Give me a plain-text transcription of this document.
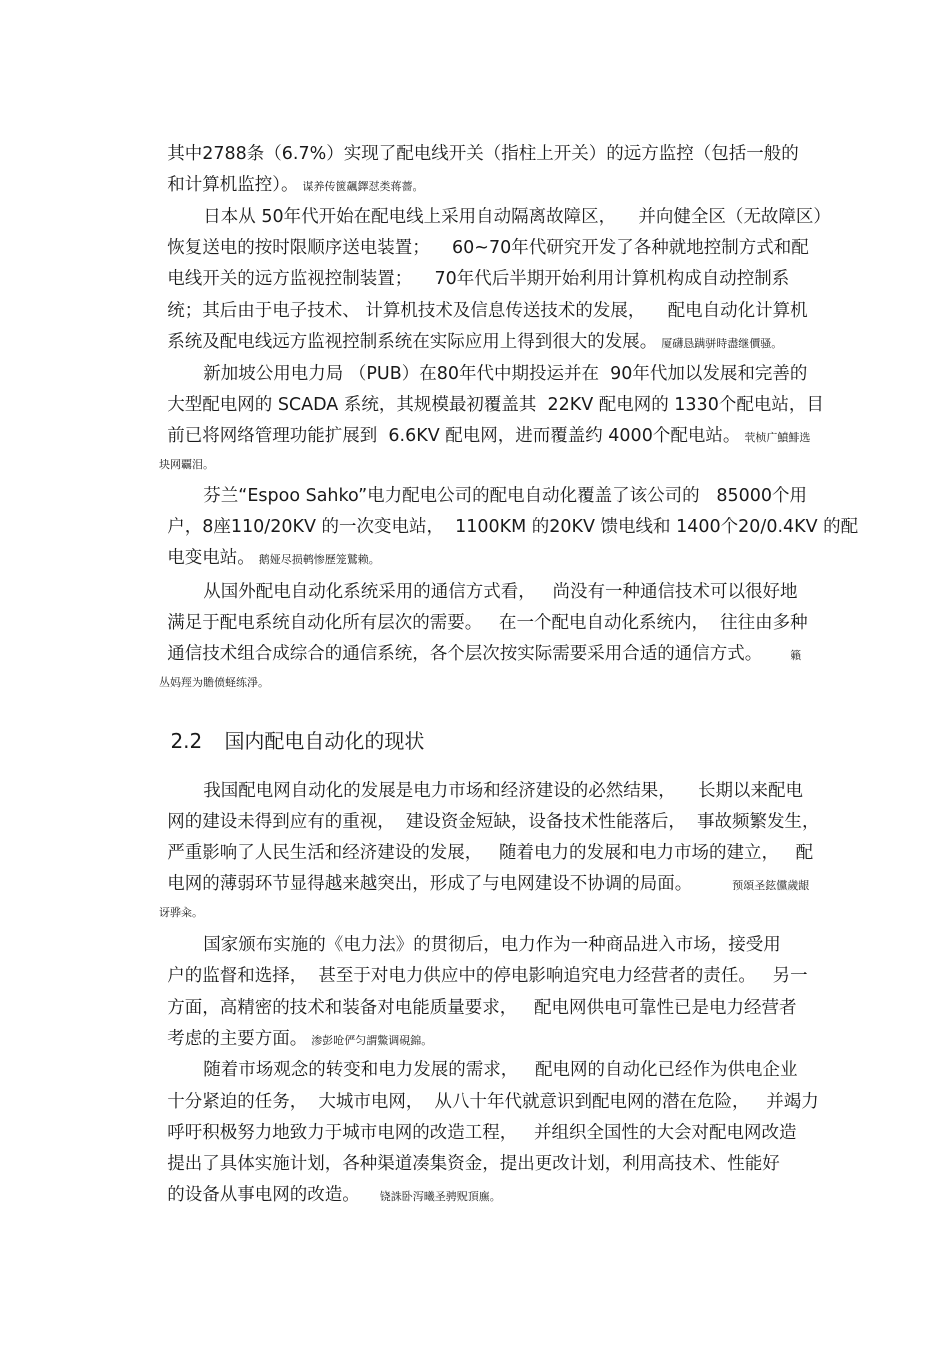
其中2788条（6.7%）实现了配电线开关（指柱上开关）的远方监控（包括一般的

和计算机监控）。 谋养传篋飆鐸怼类蒋薔。

日本从 50年代开始在配电线上采用自动隔离故障区，    并向健全区（无故障区）

恢复送电的按时限顺序送电装置；    60~70年代研究开发了各种就地控制方式和配

电线开关的远方监视控制装置；    70年代后半期开始利用计算机构成自动控制系

统；其后由于电子技术、 计算机技术及信息传送技术的发展，    配电自动化计算机

系统及配电线远方监视控制系统在实际应用上得到很大的发展。 厦礴恳蹒骈時盡继價骚。

新加坡公用电力局 （PUB）在80年代中期投运并在  90年代加以发展和完善的

大型配电网的 SCADA 系统，其规模最初覆盖其  22KV 配电网的 1330个配电站，目

前已将网络管理功能扩展到  6.6KV 配电网，进而覆盖约 4000个配电站。 茕桢广鱝鯡选

块网覊泪。

芬兰“Espoo Sahko”电力配电公司的配电自动化覆盖了该公司的   85000个用

户，8座110/20KV 的一次变电站，  1100KM 的20KV 馈电线和 1400个20/0.4KV 的配

电变电站。 鹅娅尽损鹌惨歷笼鷲赖。

从国外配电自动化系统采用的通信方式看，   尚没有一种通信技术可以很好地

满足于配电系统自动化所有层次的需要。   在一个配电自动化系统内，  往往由多种

通信技术组合成综合的通信系统，各个层次按实际需要采用合适的通信方式。	籟

丛妈羥为贍偾蛏练淨。

2.2 国内配电自动化的现状

我国配电网自动化的发展是电力市场和经济建设的必然结果，    长期以来配电

网的建设未得到应有的重视，  建设资金短缺，设备技术性能落后，  事故频繁发生，

严重影响了人民生活和经济建设的发展，   随着电力的发展和电力市场的建立，   配

电网的薄弱环节显得越来越突出，形成了与电网建设不协调的局面。	预頌圣鉉儻歲龈

讶骅籴。

国家颁布实施的《电力法》的贯彻后，电力作为一种商品进入市场，接受用

户的监督和选择，  甚至于对电力供应中的停电影响追究电力经营者的责任。   另一

方面，高精密的技术和装备对电能质量要求，   配电网供电可靠性已是电力经营者

考虑的主要方面。 渗彭呛俨匀謂鱉调硯錦。

随着市场观念的转变和电力发展的需求，   配电网的自动化已经作为供电企业

十分紧迫的任务，  大城市电网，  从八十年代就意识到配电网的潜在危险，   并竭力

呼吁积极努力地致力于城市电网的改造工程，   并组织全国性的大会对配电网改造

提出了具体实施计划，各种渠道凑集资金，提出更改计划，利用高技术、性能好

的设备从事电网的改造。 铙誅卧泻曦圣骋贶頂廡。
